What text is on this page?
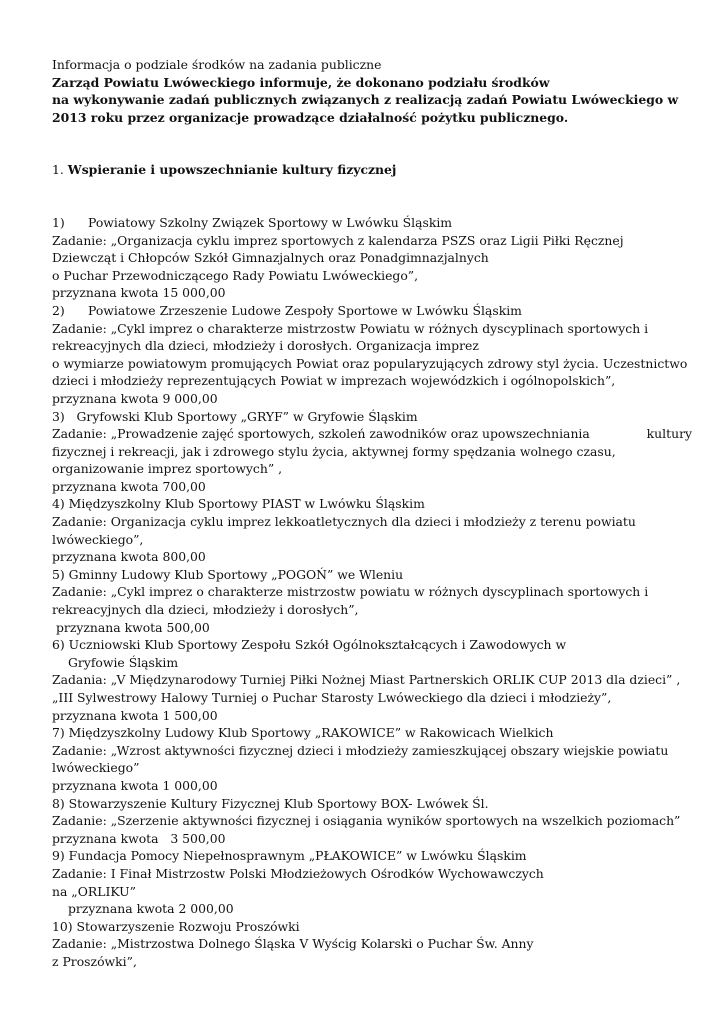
Informacja o podziale środków na zadania publiczne
Zarząd Powiatu Lwóweckiego informuje, że dokonano podziału środków
na wykonywanie zadań publicznych związanych z realizacją zadań Powiatu Lwóweckiego w
2013 roku przez organizacje prowadzące działalność pożytku publicznego.
1. Wspieranie i upowszechnianie kultury fizycznej
1) Powiatowy Szkolny Związek Sportowy w Lwówku Śląskim
Zadanie: „Organizacja cyklu imprez sportowych z kalendarza PSZS oraz Ligii Piłki Ręcznej
Dziewcząt i Chłopców Szkół Gimnazjalnych oraz Ponadgimnazjalnych
o Puchar Przewodniczącego Rady Powiatu Lwóweckiego”,
przyznana kwota 15 000,00
2) Powiatowe Zrzeszenie Ludowe Zespoły Sportowe w Lwówku Śląskim
Zadanie: „Cykl imprez o charakterze mistrzostw Powiatu w różnych dyscyplinach sportowych i
rekreacyjnych dla dzieci, młodzieży i dorosłych. Organizacja imprez
o wymiarze powiatowym promujących Powiat oraz popularyzujących zdrowy styl życia. Uczestnictwo
dzieci i młodzieży reprezentujących Powiat w imprezach wojewódzkich i ogólnopolskich”,
przyznana kwota 9 000,00
3)   Gryfowski Klub Sportowy „GRYF” w Gryfowie Śląskim
Zadanie: „Prowadzenie zajęć sportowych, szkoleń zawodników oraz upowszechniania	kultury
fizycznej i rekreacji, jak i zdrowego stylu życia, aktywnej formy spędzania wolnego czasu,
organizowanie imprez sportowych” ,
przyznana kwota 700,00
4) Międzyszkolny Klub Sportowy PIAST w Lwówku Śląskim
Zadanie: Organizacja cyklu imprez lekkoatletycznych dla dzieci i młodzieży z terenu powiatu
lwóweckiego”,
przyznana kwota 800,00
5) Gminny Ludowy Klub Sportowy „POGOŃ” we Wleniu
Zadanie: „Cykl imprez o charakterze mistrzostw powiatu w różnych dyscyplinach sportowych i
rekreacyjnych dla dzieci, młodzieży i dorosłych”,
przyznana kwota 500,00
6) Uczniowski Klub Sportowy Zespołu Szkół Ogólnokształcących i Zawodowych w
Gryfowie Śląskim
Zadania: „V Międzynarodowy Turniej Piłki Nożnej Miast Partnerskich ORLIK CUP 2013 dla dzieci” ,
„III Sylwestrowy Halowy Turniej o Puchar Starosty Lwóweckiego dla dzieci i młodzieży”,
przyznana kwota 1 500,00
7) Międzyszkolny Ludowy Klub Sportowy „RAKOWICE” w Rakowicach Wielkich
Zadanie: „Wzrost aktywności fizycznej dzieci i młodzieży zamieszkującej obszary wiejskie powiatu
lwóweckiego”
przyznana kwota 1 000,00
8) Stowarzyszenie Kultury Fizycznej Klub Sportowy BOX- Lwówek Śl.
Zadanie: „Szerzenie aktywności fizycznej i osiągania wyników sportowych na wszelkich poziomach”
przyznana kwota   3 500,00
9) Fundacja Pomocy Niepełnosprawnym „PŁAKOWICE” w Lwówku Śląskim
Zadanie: I Finał Mistrzostw Polski Młodzieżowych Ośrodków Wychowawczych
na „ORLIKU”
przyznana kwota 2 000,00
10) Stowarzyszenie Rozwoju Proszówki
Zadanie: „Mistrzostwa Dolnego Śląska V Wyścig Kolarski o Puchar Św. Anny
z Proszówki”,
